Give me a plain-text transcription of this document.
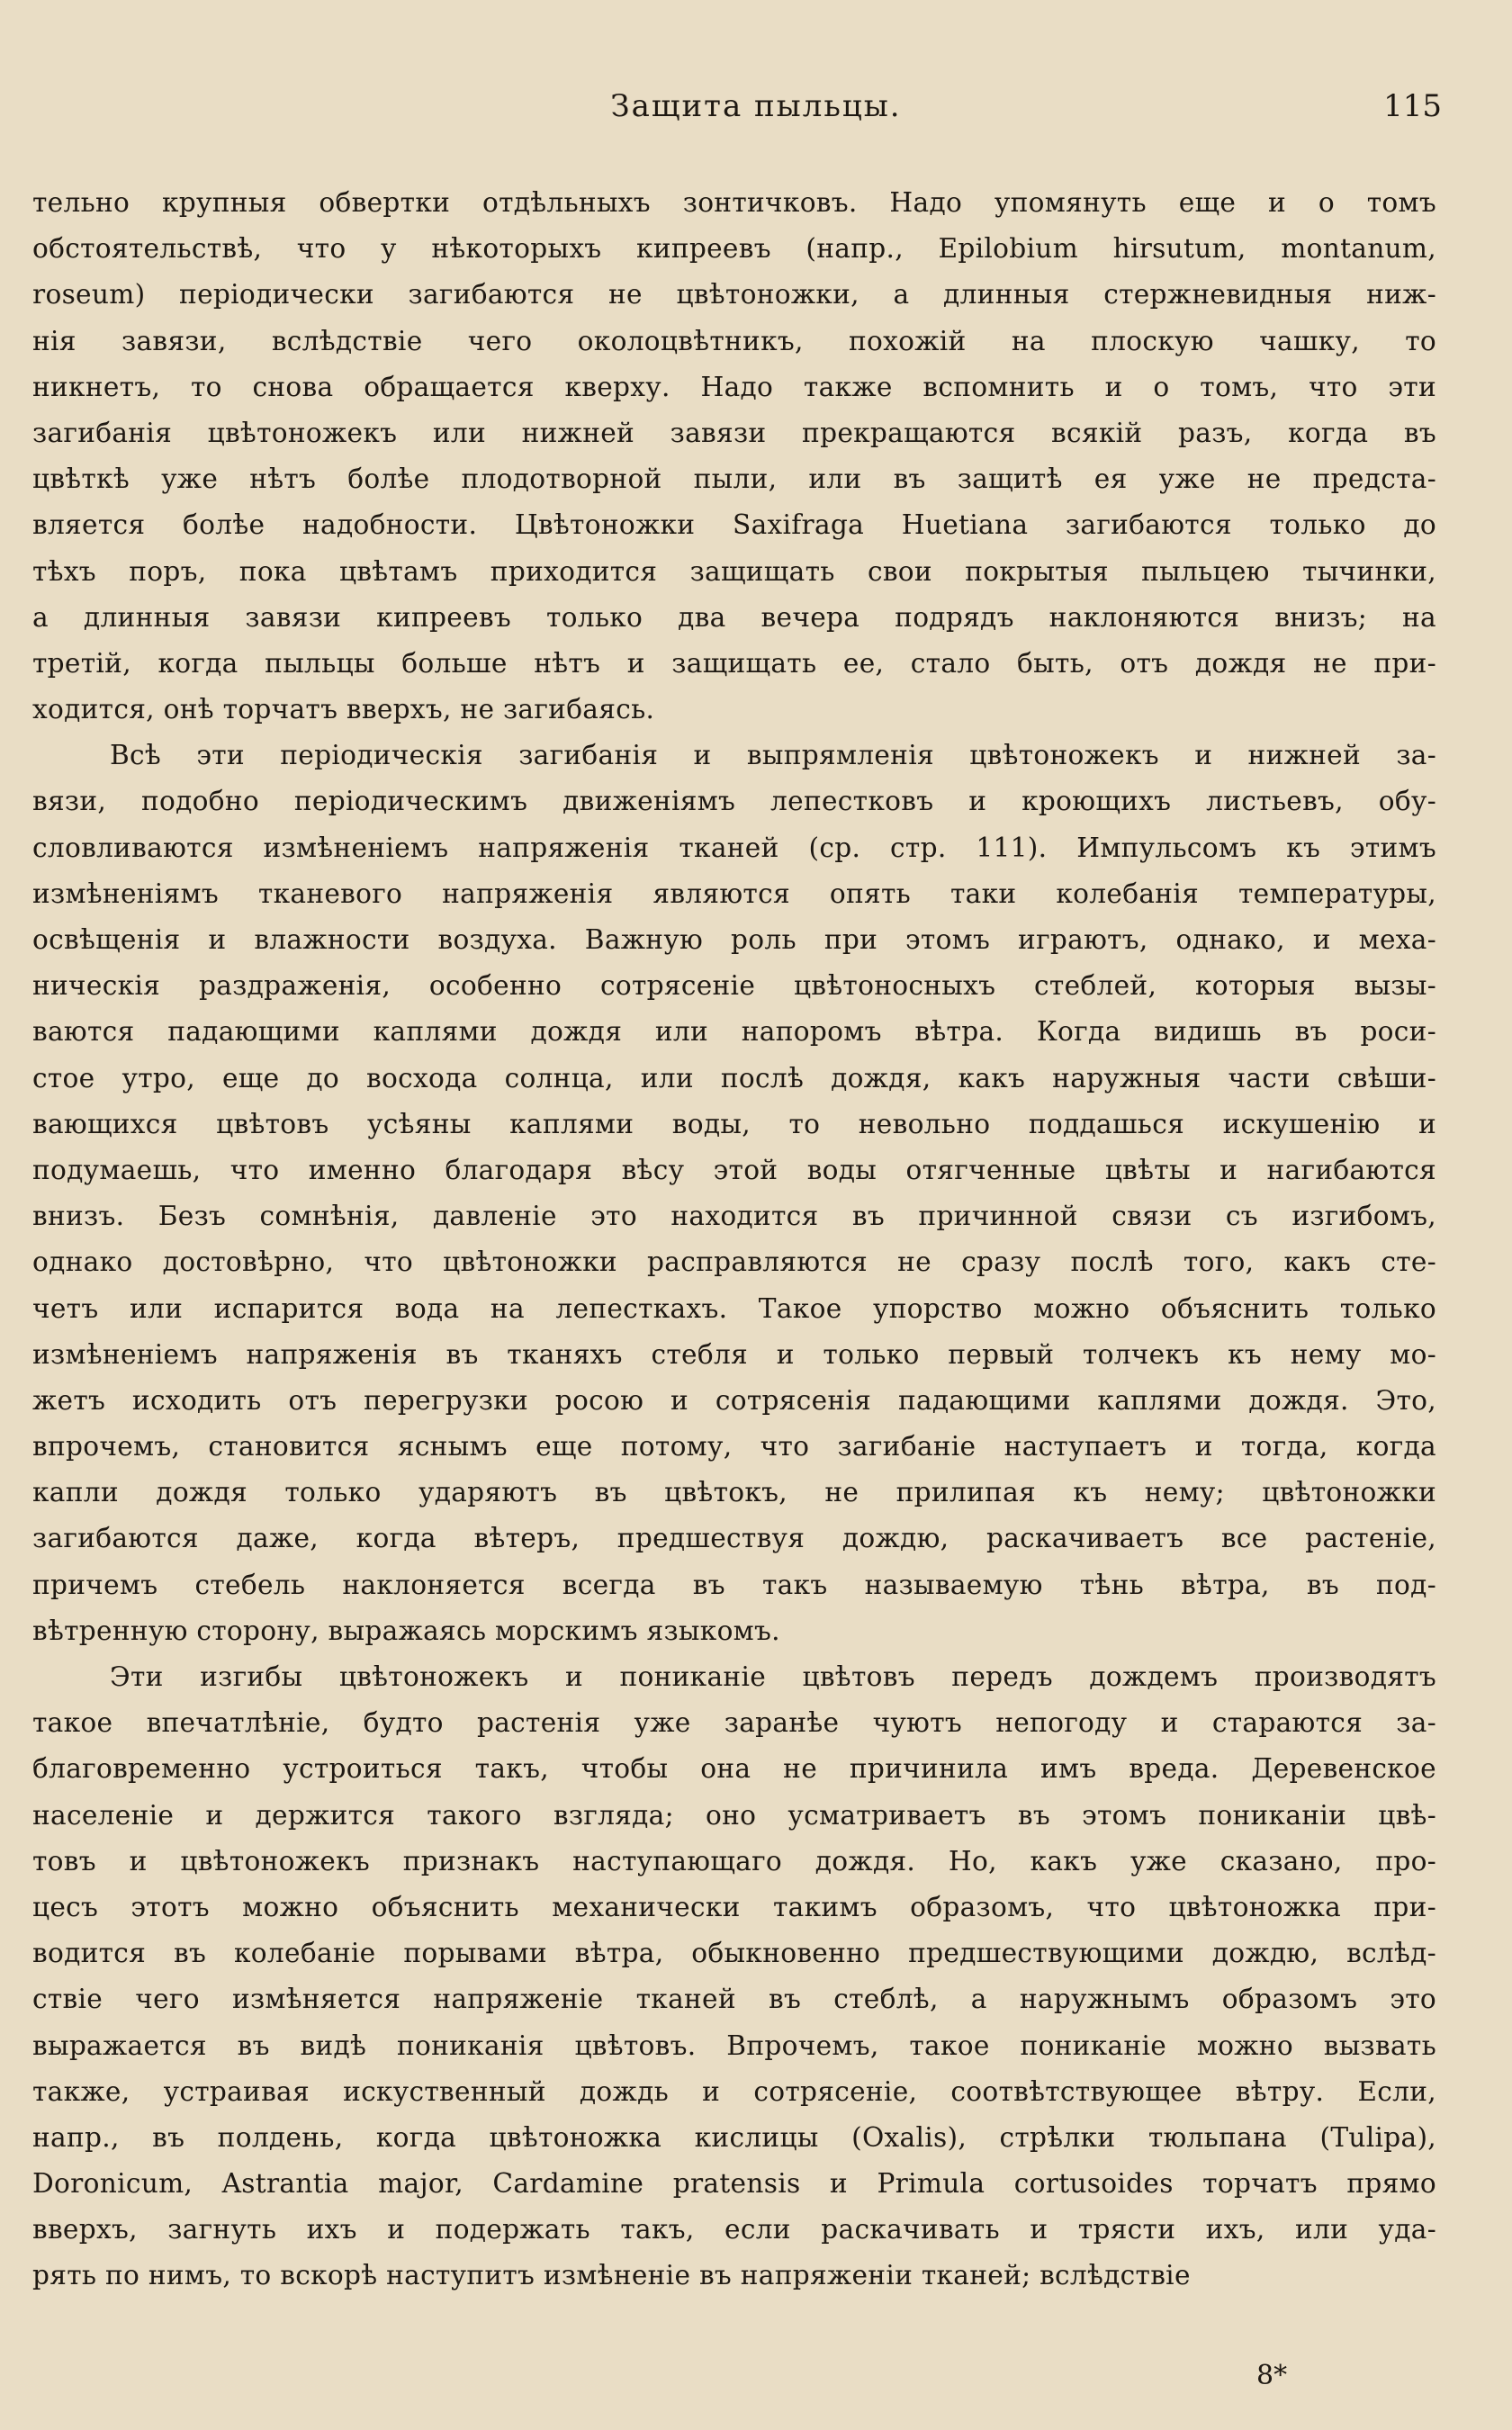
Защита пыльцы.	115
тельно крупныя обвертки отдѣльныхъ зонтичковъ. Надо упомянуть еще и о томъ
обстоятельствѣ, что у нѣкоторыхъ кипреевъ (напр., Epilobium hirsutum, montanum,
roseum) періодически загибаются не цвѣтоножки, а длинныя стержневидныя ниж-
нія завязи, вслѣдствіе чего околоцвѣтникъ, похожій на плоскую чашку, то
никнетъ, то снова обращается кверху. Надо также вспомнить и о томъ, что эти
загибанія цвѣтоножекъ или нижней завязи прекращаются всякій разъ, когда въ
цвѣткѣ уже нѣтъ болѣе плодотворной пыли, или въ защитѣ ея уже не предста-
вляется болѣе надобности. Цвѣтоножки Saxifraga Huetiana загибаются только до
тѣхъ поръ, пока цвѣтамъ приходится защищать свои покрытыя пыльцею тычинки,
а длинныя завязи кипреевъ только два вечера подрядъ наклоняются внизъ; на
третій, когда пыльцы больше нѣтъ и защищать ее, стало быть, отъ дождя не при-
ходится, онѣ торчатъ вверхъ, не загибаясь.
Всѣ эти періодическія загибанія и выпрямленія цвѣтоножекъ и нижней за-
вязи, подобно періодическимъ движеніямъ лепестковъ и кроющихъ листьевъ, обу-
словливаются измѣненіемъ напряженія тканей (ср. стр. 111). Импульсомъ къ этимъ
измѣненіямъ тканевого напряженія являются опять таки колебанія температуры,
освѣщенія и влажности воздуха. Важную роль при этомъ играютъ, однако, и меха-
ническія раздраженія, особенно сотрясеніе цвѣтоносныхъ стеблей, которыя вызы-
ваются падающими каплями дождя или напоромъ вѣтра. Когда видишь въ роси-
стое утро, еще до восхода солнца, или послѣ дождя, какъ наружныя части свѣши-
вающихся цвѣтовъ усѣяны каплями воды, то невольно поддашься искушенію и
подумаешь, что именно благодаря вѣсу этой воды отягченные цвѣты и нагибаются
внизъ. Безъ сомнѣнія, давленіе это находится въ причинной связи съ изгибомъ,
однако достовѣрно, что цвѣтоножки расправляются не сразу послѣ того, какъ сте-
четъ или испарится вода на лепесткахъ. Такое упорство можно объяснить только
измѣненіемъ напряженія въ тканяхъ стебля и только первый толчекъ къ нему мо-
жетъ исходить отъ перегрузки росою и сотрясенія падающими каплями дождя. Это,
впрочемъ, становится яснымъ еще потому, что загибаніе наступаетъ и тогда, когда
капли дождя только ударяютъ въ цвѣтокъ, не прилипая къ нему; цвѣтоножки
загибаются даже, когда вѣтеръ, предшествуя дождю, раскачиваетъ все растеніе,
причемъ стебель наклоняется всегда въ такъ называемую тѣнь вѣтра, въ под-
вѣтренную сторону, выражаясь морскимъ языкомъ.
Эти изгибы цвѣтоножекъ и пониканіе цвѣтовъ передъ дождемъ производятъ
такое впечатлѣніе, будто растенія уже заранѣе чуютъ непогоду и стараются за-
благовременно устроиться такъ, чтобы она не причинила имъ вреда. Деревенское
населеніе и держится такого взгляда; оно усматриваетъ въ этомъ пониканіи цвѣ-
товъ и цвѣтоножекъ признакъ наступающаго дождя. Но, какъ уже сказано, про-
цесъ этотъ можно объяснить механически такимъ образомъ, что цвѣтоножка при-
водится въ колебаніе порывами вѣтра, обыкновенно предшествующими дождю, вслѣд-
ствіе чего измѣняется напряженіе тканей въ стеблѣ, а наружнымъ образомъ это
выражается въ видѣ пониканія цвѣтовъ. Впрочемъ, такое пониканіе можно вызвать
также, устраивая искуственный дождь и сотрясеніе, соотвѣтствующее вѣтру. Если,
напр., въ полдень, когда цвѣтоножка кислицы (Oxalis), стрѣлки тюльпана (Tulipa),
Doronicum, Astrantia major, Cardamine pratensis и Primula cortusoides торчатъ прямо
вверхъ, загнуть ихъ и подержать такъ, если раскачивать и трясти ихъ, или уда-
рять по нимъ, то вскорѣ наступитъ измѣненіе въ напряженіи тканей; вслѣдствіе
8*
